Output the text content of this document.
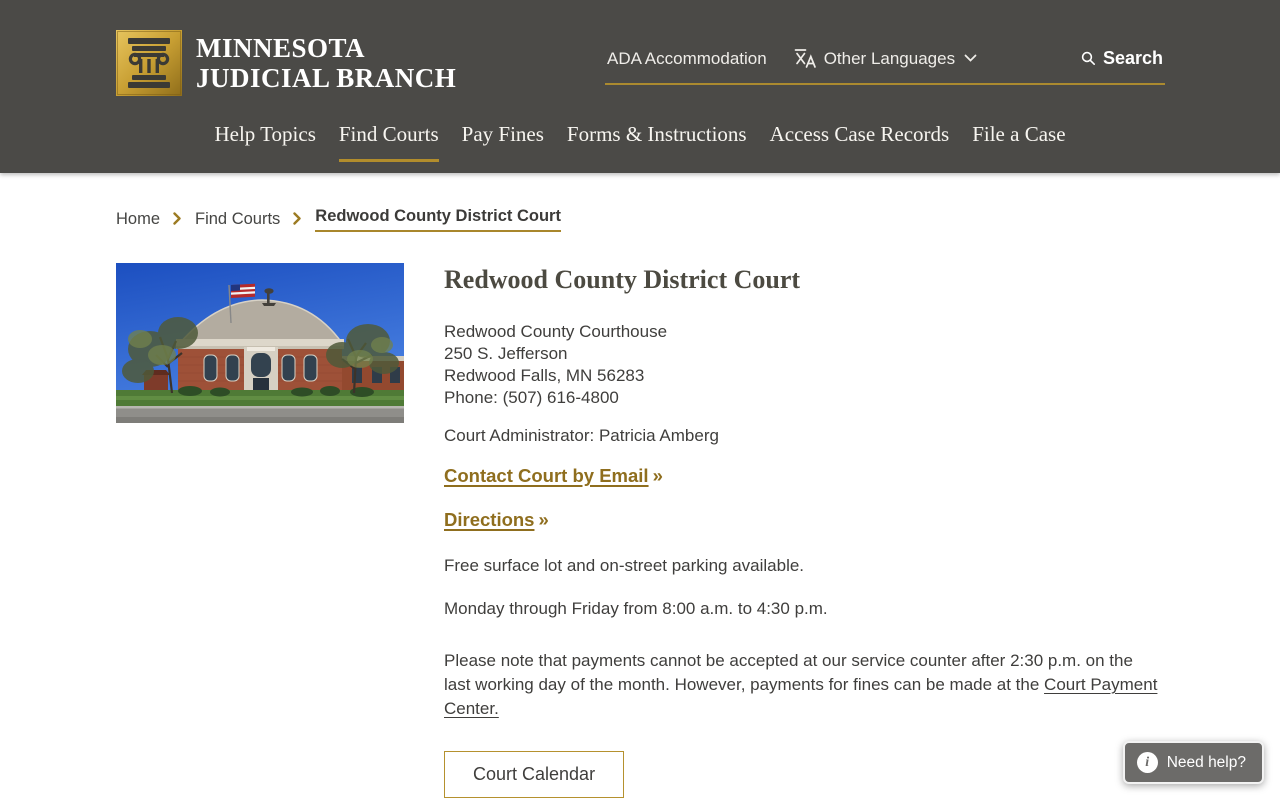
MINNESOTA
JUDICIAL BRANCH
ADA Accommodation	Other Languages	Search
Help Topics Find Courts Pay Fines Forms & Instructions Access Case Records File a Case
Home Find Courts Redwood County District Court
Redwood County District Court
Redwood County Courthouse
250 S. Jefferson
Redwood Falls, MN 56283
Phone: (507) 616-4800
Court Administrator: Patricia Amberg
Contact Court by Email »
Directions »

Free surface lot and on-street parking available.

Monday through Friday from 8:00 a.m. to 4:30 p.m.

Please note that payments cannot be accepted at our service counter after 2:30 p.m. on the last working day of the month. However, payments for fines can be made at the Court Payment Center.

Court Calendar
i	Need help?
